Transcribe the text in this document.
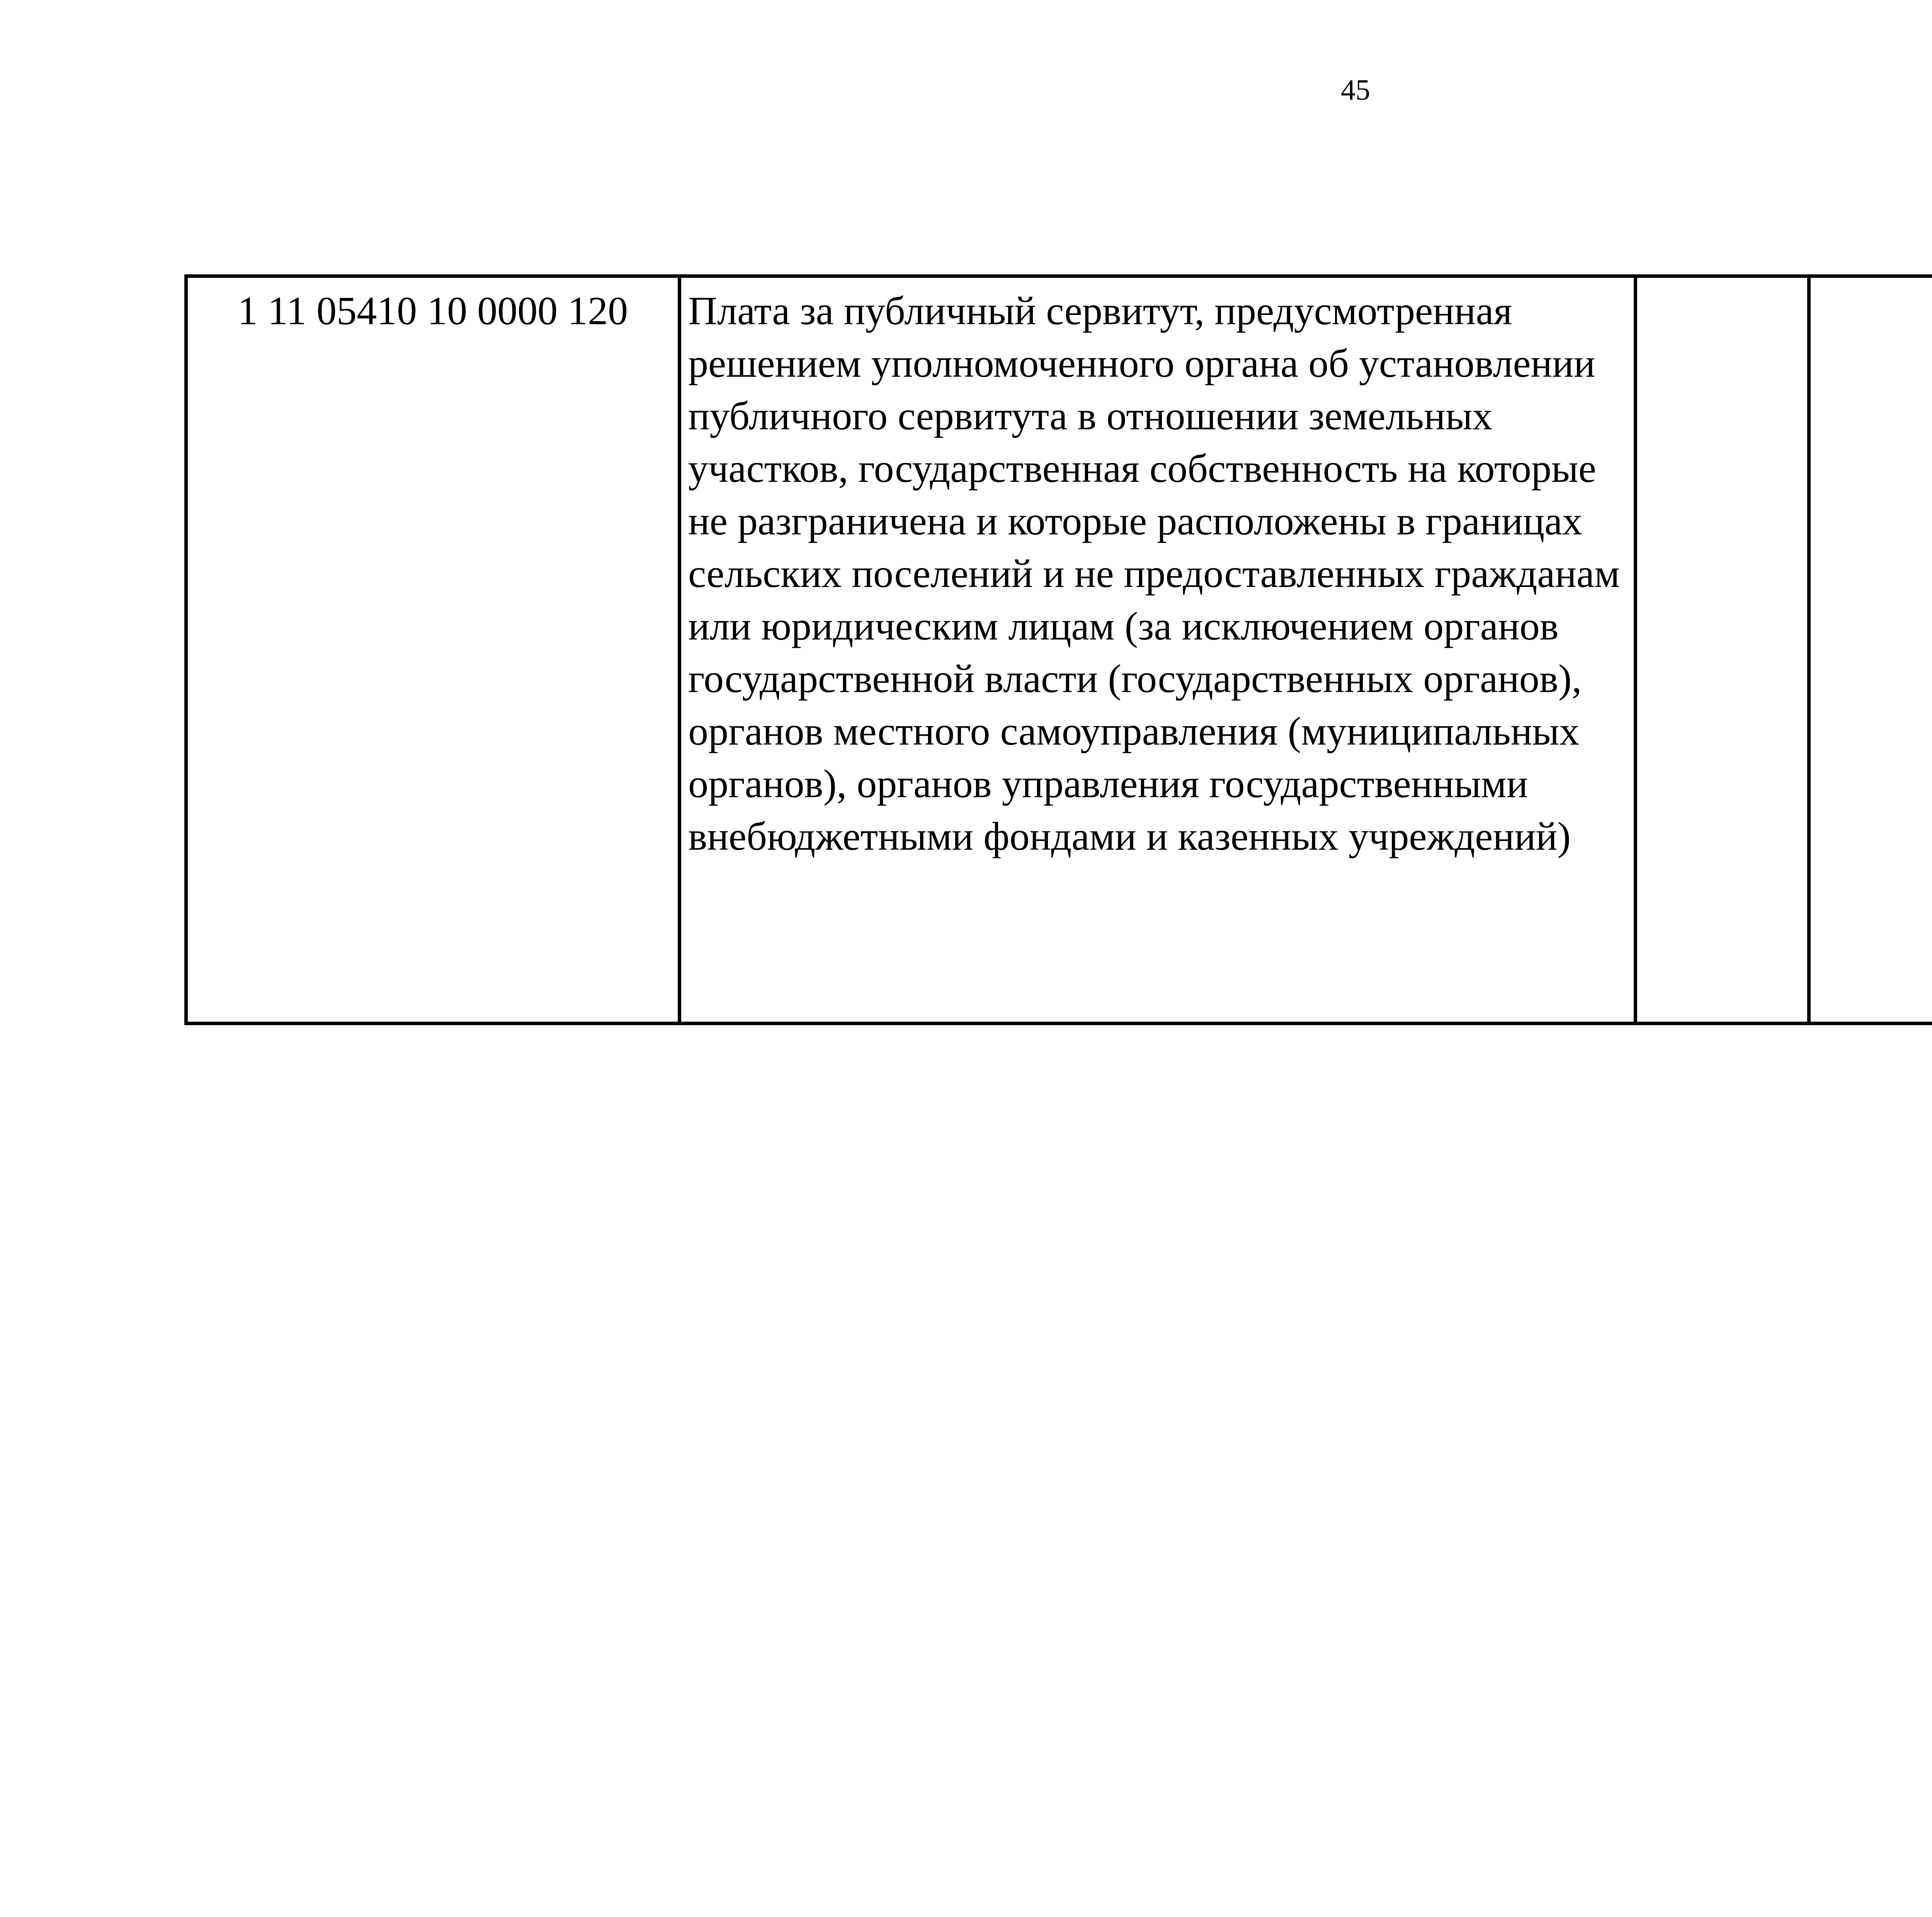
45
1 11 05410 10 0000 120	Плата за публичный сервитут, предусмотренная решением уполномоченного органа об установлении публичного сервитута в отношении земельных участков, государственная собственность на которые не разграничена и которые расположены в границах сельских поселений и не предоставленных гражданам или юридическим лицам (за исключением органов государственной власти (государственных органов), органов местного самоуправления (муниципальных органов), органов управления государственными внебюджетными фондами и казенных учреждений)					
